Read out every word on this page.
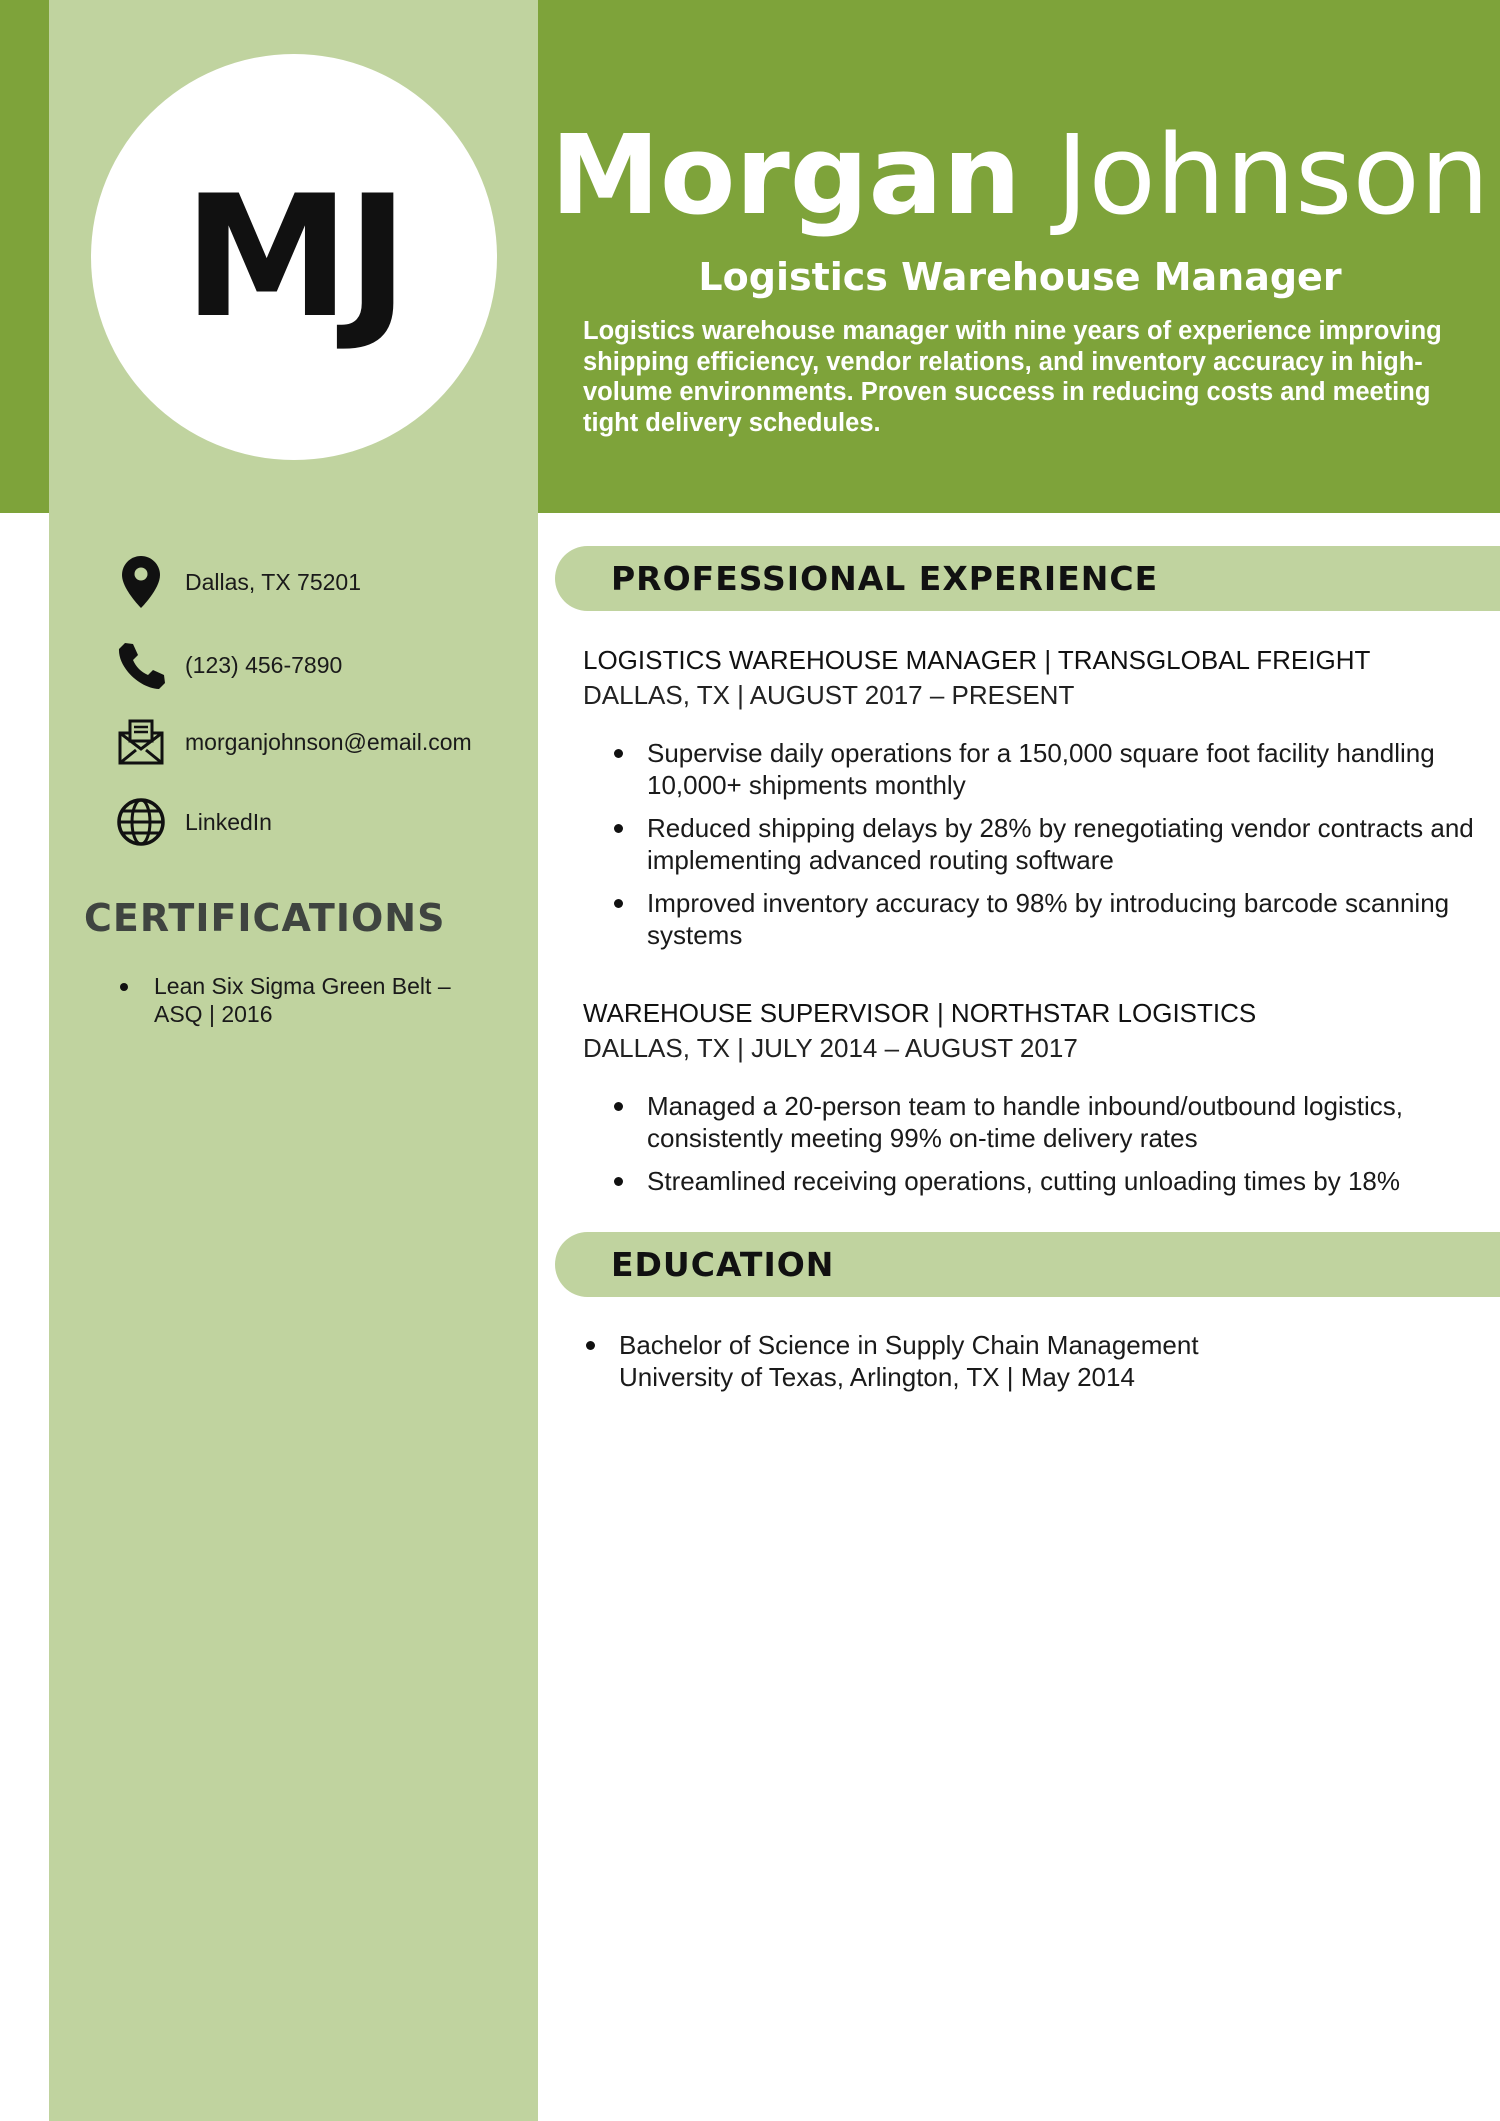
MJ Morgan Johnson
Logistics Warehouse Manager
Logistics warehouse manager with nine years of experience improving shipping efficiency, vendor relations, and inventory accuracy in high-volume environments. Proven success in reducing costs and meeting tight delivery schedules.
Dallas, TX 75201
(123) 456-7890
morganjohnson@email.com
LinkedIn
CERTIFICATIONS
Lean Six Sigma Green Belt – ASQ | 2016
PROFESSIONAL EXPERIENCE
LOGISTICS WAREHOUSE MANAGER | TRANSGLOBAL FREIGHT
DALLAS, TX | AUGUST 2017 – PRESENT
Supervise daily operations for a 150,000 square foot facility handling 10,000+ shipments monthly
Reduced shipping delays by 28% by renegotiating vendor contracts and implementing advanced routing software
Improved inventory accuracy to 98% by introducing barcode scanning systems
WAREHOUSE SUPERVISOR | NORTHSTAR LOGISTICS
DALLAS, TX | JULY 2014 – AUGUST 2017
Managed a 20-person team to handle inbound/outbound logistics, consistently meeting 99% on-time delivery rates
Streamlined receiving operations, cutting unloading times by 18%
EDUCATION
Bachelor of Science in Supply Chain Management
University of Texas, Arlington, TX | May 2014
